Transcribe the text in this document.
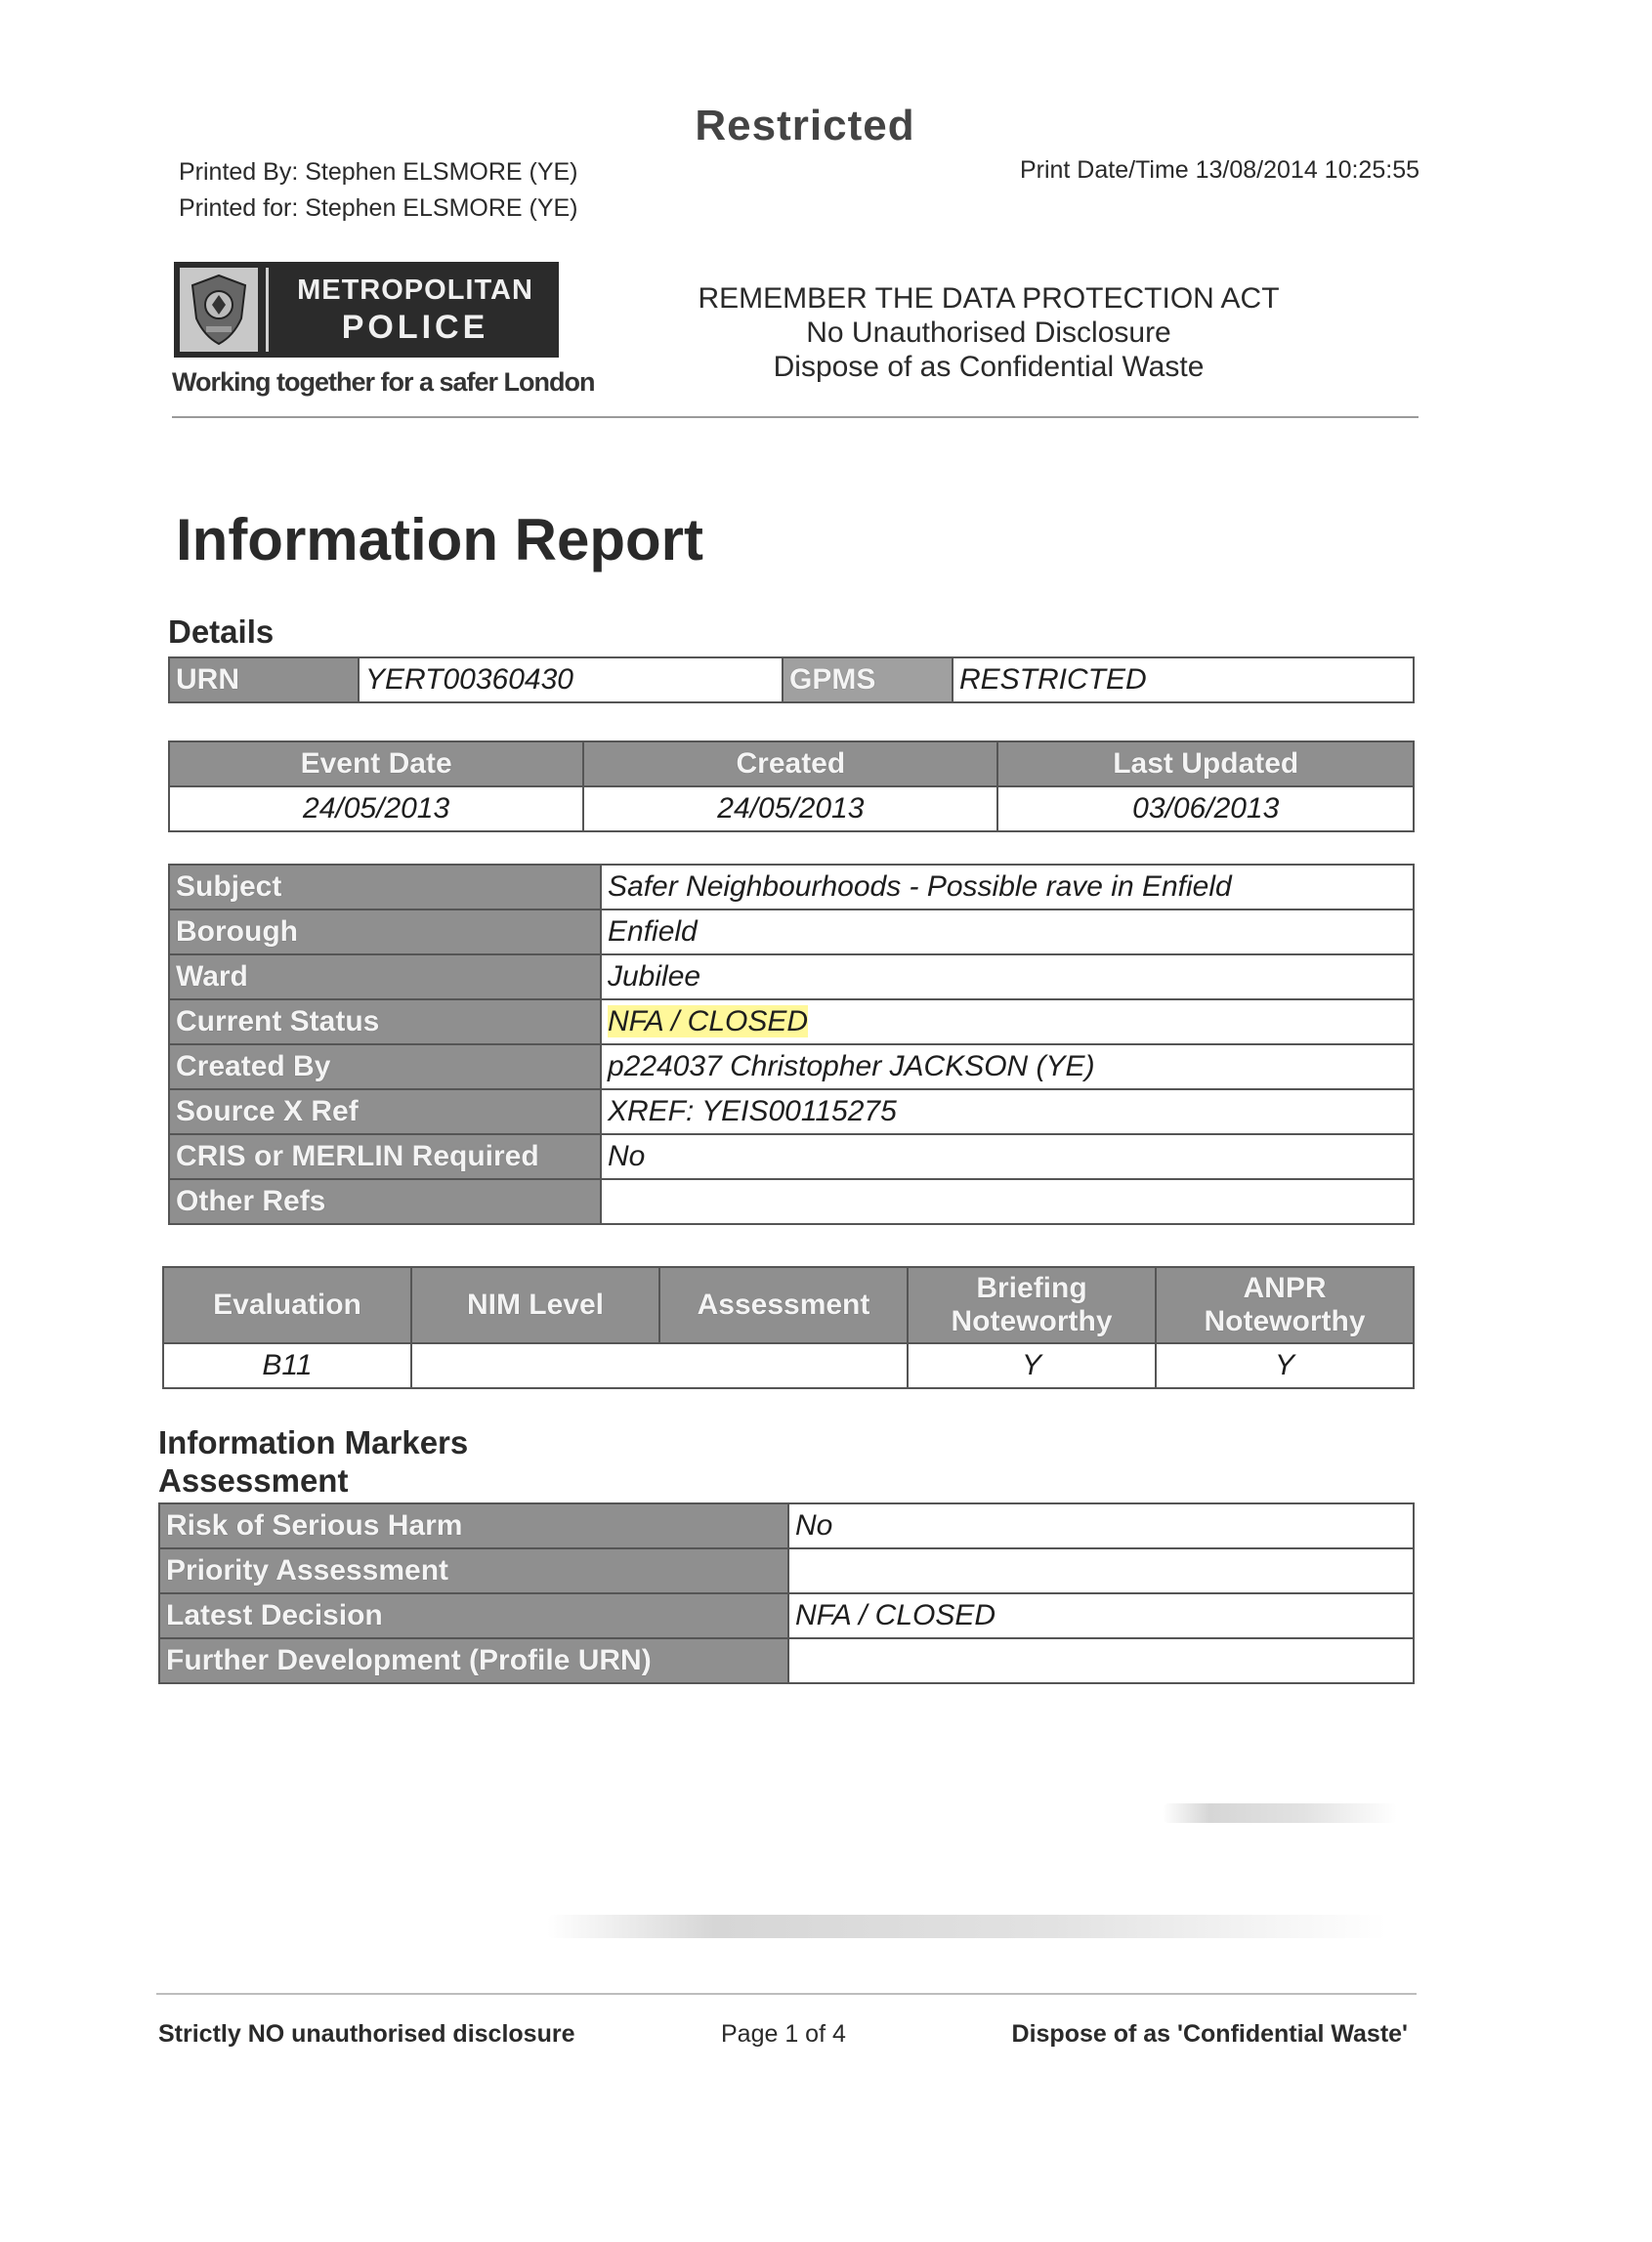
Restricted
Printed By: Stephen ELSMORE (YE)
Printed for: Stephen ELSMORE (YE)
Print Date/Time 13/08/2014 10:25:55
METROPOLITAN
POLICE
Working together for a safer London
REMEMBER THE DATA PROTECTION ACT
No Unauthorised Disclosure
Dispose of as Confidential Waste
Information Report
Details
URN	YERT00360430	GPMS	RESTRICTED
Event Date	Created	Last Updated
24/05/2013	24/05/2013	03/06/2013
Subject	Safer Neighbourhoods - Possible rave in Enfield
Borough	Enfield
Ward	Jubilee
Current Status	NFA / CLOSED
Created By	p224037 Christopher JACKSON (YE)
Source X Ref	XREF: YEIS00115275
CRIS or MERLIN Required	No
Other Refs	
Evaluation	NIM Level	Assessment	Briefing Noteworthy	ANPR Noteworthy
B11			Y	Y
Information Markers
Assessment
Risk of Serious Harm	No
Priority Assessment	
Latest Decision	NFA / CLOSED
Further Development (Profile URN)	
Strictly NO unauthorised disclosure	Page 1 of 4	Dispose of as 'Confidential Waste'
